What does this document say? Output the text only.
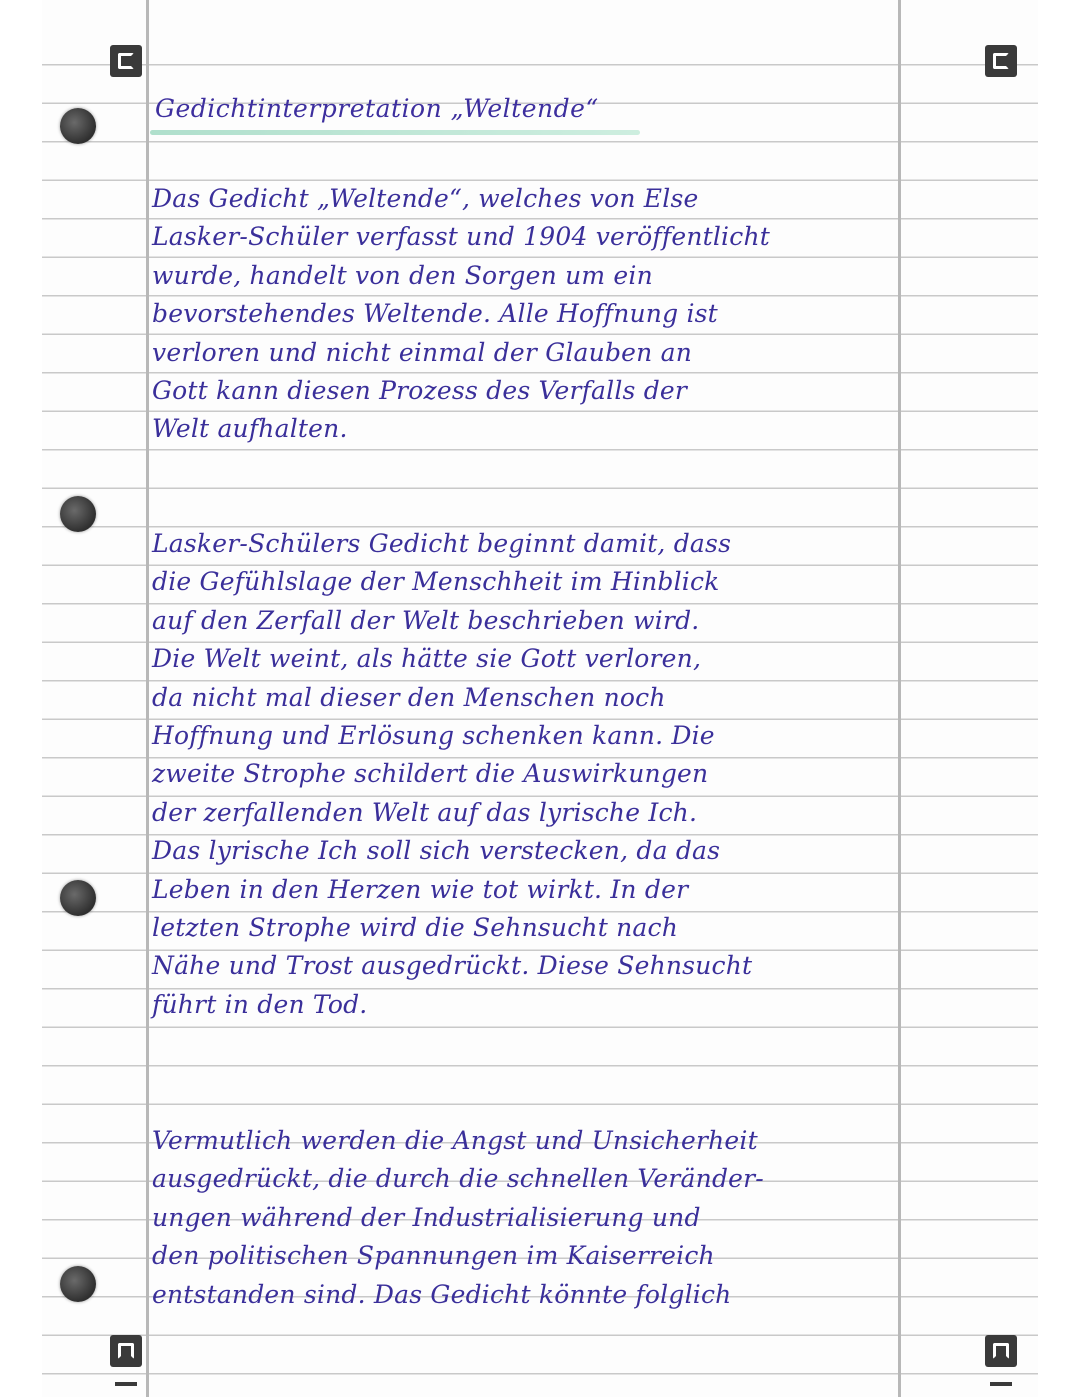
Gedichtinterpretation „Weltende“
Das Gedicht „Weltende“, welches von Else
Lasker-Schüler verfasst und 1904 veröffentlicht
wurde, handelt von den Sorgen um ein
bevorstehendes Weltende. Alle Hoffnung ist
verloren und nicht einmal der Glauben an
Gott kann diesen Prozess des Verfalls der
Welt aufhalten.
Lasker-Schülers Gedicht beginnt damit, dass
die Gefühlslage der Menschheit im Hinblick
auf den Zerfall der Welt beschrieben wird.
Die Welt weint, als hätte sie Gott verloren,
da nicht mal dieser den Menschen noch
Hoffnung und Erlösung schenken kann. Die
zweite Strophe schildert die Auswirkungen
der zerfallenden Welt auf das lyrische Ich.
Das lyrische Ich soll sich verstecken, da das
Leben in den Herzen wie tot wirkt. In der
letzten Strophe wird die Sehnsucht nach
Nähe und Trost ausgedrückt. Diese Sehnsucht
führt in den Tod.
Vermutlich werden die Angst und Unsicherheit
ausgedrückt, die durch die schnellen Veränder-
ungen während der Industrialisierung und
den politischen Spannungen im Kaiserreich
entstanden sind. Das Gedicht könnte folglich
